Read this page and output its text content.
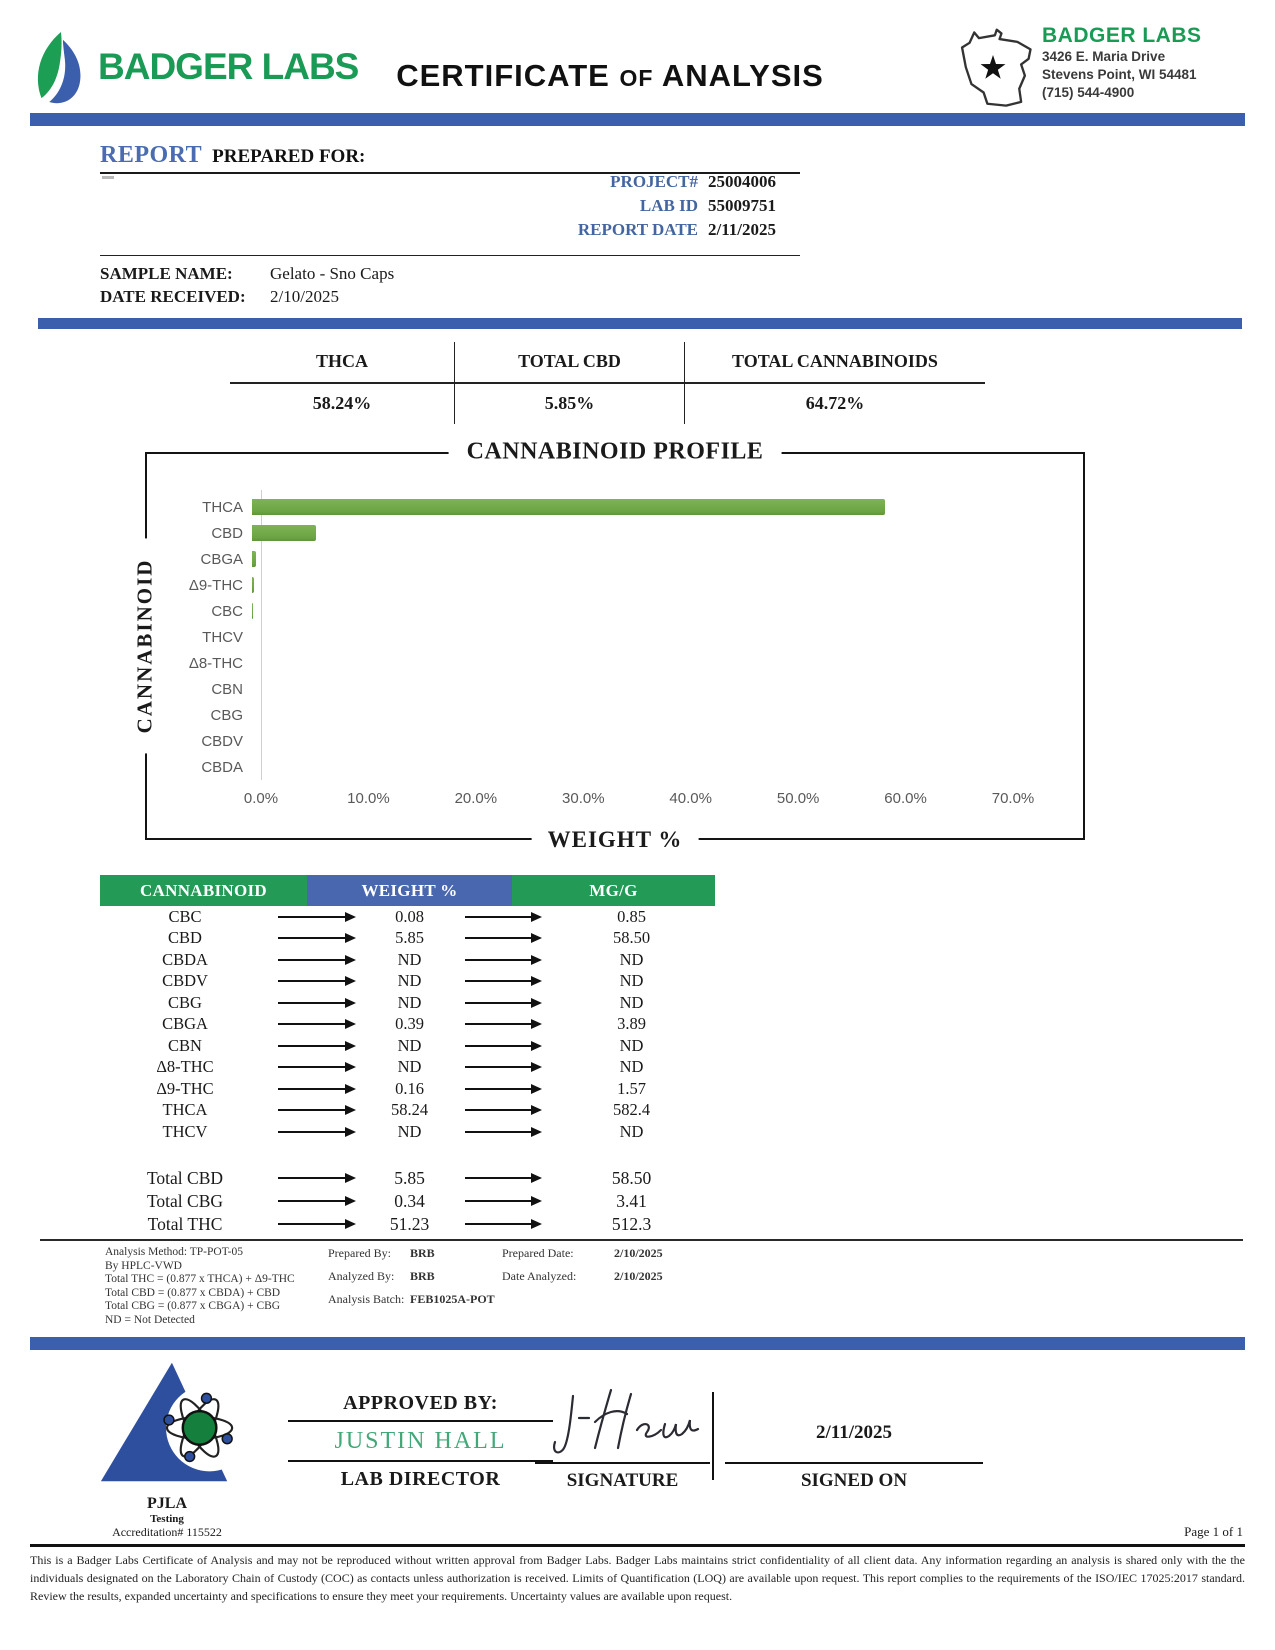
BADGER LABS	CERTIFICATE OF ANALYSIS
BADGER LABS
3426 E. Maria Drive
Stevens Point, WI 54481
(715) 544-4900
REPORT PREPARED FOR:
PROJECT# 25004006
LAB ID 55009751
REPORT DATE 2/11/2025
SAMPLE NAME:	Gelato - Sno Caps
DATE RECEIVED:	2/10/2025
THCA
58.24%
TOTAL CBD
5.85%
TOTAL CANNABINOIDS
64.72%
CANNABINOID PROFILE
CANNABINOID
WEIGHT %
THCA
CBD
CBGA
Δ9-THC
CBC
THCV
Δ8-THC
CBN
CBG
CBDV
CBDA
0.0%	10.0%	20.0%	30.0%	40.0%	50.0%	60.0%	70.0%
CANNABINOID	WEIGHT %	MG/G
CBC	0.08	0.85
CBD	5.85	58.50
CBDA	ND	ND
CBDV	ND	ND
CBG	ND	ND
CBGA	0.39	3.89
CBN	ND	ND
Δ8-THC	ND	ND
Δ9-THC	0.16	1.57
THCA	58.24	582.4
THCV	ND	ND
Total CBD	5.85	58.50
Total CBG	0.34	3.41
Total THC	51.23	512.3
Analysis Method: TP-POT-05
By HPLC-VWD
Total THC = (0.877 x THCA) + Δ9-THC
Total CBD = (0.877 x CBDA) + CBD
Total CBG = (0.877 x CBGA) + CBG
ND = Not Detected
Prepared By:	BRB	Prepared Date:	2/10/2025
Analyzed By:	BRB	Date Analyzed:	2/10/2025
Analysis Batch: FEB1025A-POT
PJLA
Testing
Accreditation# 115522
APPROVED BY:
JUSTIN HALL
LAB DIRECTOR	SIGNATURE
2/11/2025
SIGNED ON
Page 1 of 1
This is a Badger Labs Certificate of Analysis and may not be reproduced without written approval from Badger Labs. Badger Labs maintains strict confidentiality of all client data. Any information regarding an analysis is shared only with the the individuals designated on the Laboratory Chain of Custody (COC) as contacts unless authorization is received. Limits of Quantification (LOQ) are available upon request. This report complies to the requirements of the ISO/IEC 17025:2017 standard. Review the results, expanded uncertainty and specifications to ensure they meet your requirements. Uncertainty values are available upon request.
